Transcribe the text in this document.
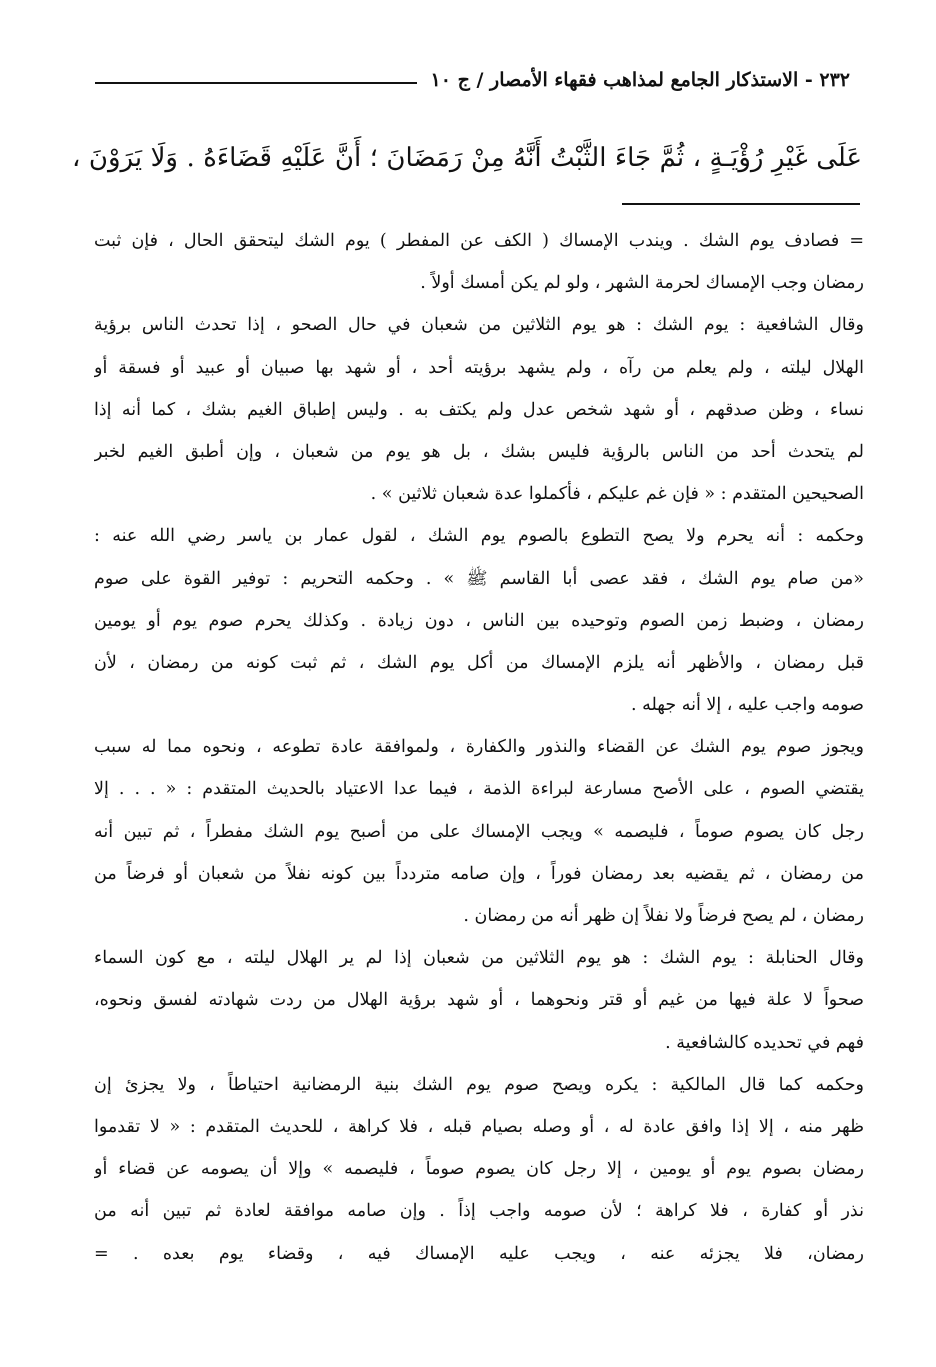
٢٣٢
-
الاستذكار الجامع لمذاهب فقهاء الأمصار / ج ١٠
عَلَى غَيْرِ رُؤْيَـةٍ ، ثُمَّ جَاءَ الثَّبْتُ أَنَّهُ مِنْ رَمَضَانَ ؛ أَنَّ عَلَيْهِ قَضَاءَهُ . وَلَا يَرَوْنَ ،
= فصادف يوم الشك . ويندب الإمساك ( الكف عن المفطر ) يوم الشك ليتحقق الحال ، فإن ثبت
رمضان وجب الإمساك لحرمة الشهر ، ولو لم يكن أمسك أولاً .
وقال الشافعية : يوم الشك : هو يوم الثلاثين من شعبان في حال الصحو ، إذا تحدث الناس برؤية
الهلال ليلته ، ولم يعلم من رآه ، ولم يشهد برؤيته أحد ، أو شهد بها صبيان أو عبيد أو فسقة أو
نساء ، وظن صدقهم ، أو شهد شخص عدل ولم يكتف به . وليس إطباق الغيم بشك ، كما أنه إذا
لم يتحدث أحد من الناس بالرؤية فليس بشك ، بل هو يوم من شعبان ، وإن أطبق الغيم لخبر
الصحيحين المتقدم : « فإن غم عليكم ، فأكملوا عدة شعبان ثلاثين » .
وحكمه : أنه يحرم ولا يصح التطوع بالصوم يوم الشك ، لقول عمار بن ياسر رضي الله عنه :
«من صام يوم الشك ، فقد عصى أبا القاسم ﷺ » . وحكمه التحريم : توفير القوة على صوم
رمضان ، وضبط زمن الصوم وتوحيده بين الناس ، دون زيادة . وكذلك يحرم صوم يوم أو يومين
قبل رمضان ، والأظهر أنه يلزم الإمساك من أكل يوم الشك ، ثم ثبت كونه من رمضان ، لأن
صومه واجب عليه ، إلا أنه جهله .
ويجوز صوم يوم الشك عن القضاء والنذور والكفارة ، ولموافقة عادة تطوعه ، ونحوه مما له سبب
يقتضي الصوم ، على الأصح مسارعة لبراءة الذمة ، فيما عدا الاعتياد بالحديث المتقدم : « . . . إلا
رجل كان يصوم صوماً ، فليصمه » ويجب الإمساك على من أصبح يوم الشك مفطراً ، ثم تبين أنه
من رمضان ، ثم يقضيه بعد رمضان فوراً ، وإن صامه متردداً بين كونه نفلاً من شعبان أو فرضاً من
رمضان ، لم يصح فرضاً ولا نفلاً إن ظهر أنه من رمضان .
وقال الحنابلة : يوم الشك : هو يوم الثلاثين من شعبان إذا لم ير الهلال ليلته ، مع كون السماء
صحواً لا علة فيها من غيم أو قتر ونحوهما ، أو شهد برؤية الهلال من ردت شهادته لفسق ونحوه،
فهم في تحديده كالشافعية .
وحكمه كما قال المالكية : يكره ويصح صوم يوم الشك بنية الرمضانية احتياطاً ، ولا يجزئ إن
ظهر منه ، إلا إذا وافق عادة له ، أو وصله بصيام قبله ، فلا كراهة ، للحديث المتقدم : « لا تقدموا
رمضان بصوم يوم أو يومين ، إلا رجل كان يصوم صوماً ، فليصمه » وإلا أن يصومه عن قضاء أو
نذر أو كفارة ، فلا كراهة ؛ لأن صومه واجب إذاً . وإن صامه موافقة لعادة ثم تبين أنه من
رمضان، فلا يجزئه عنه ، ويجب عليه الإمساك فيه ، وقضاء يوم بعده . =
